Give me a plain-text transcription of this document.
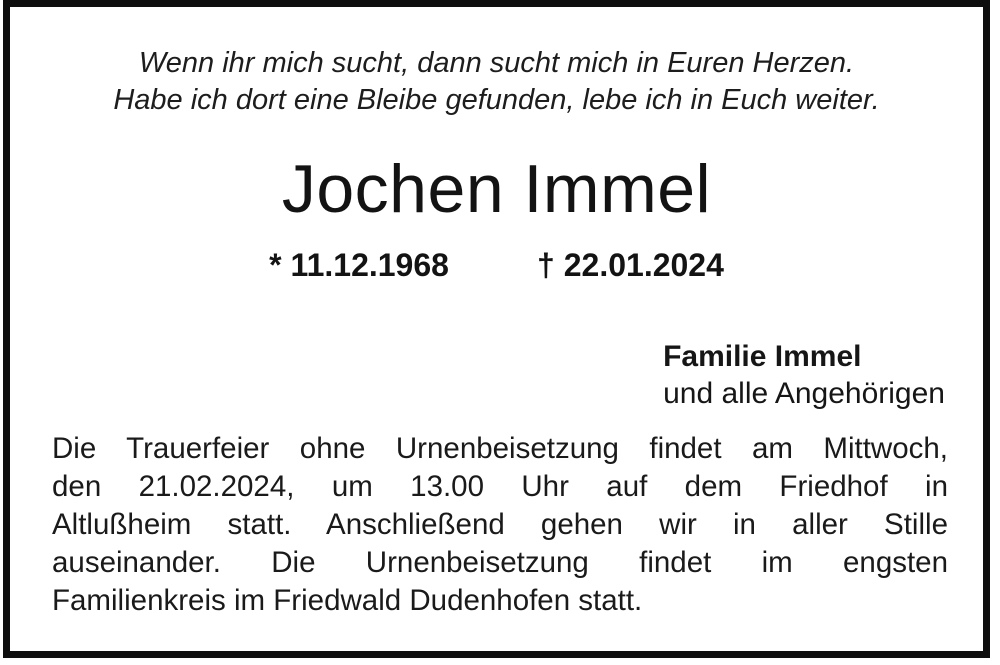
Wenn ihr mich sucht, dann sucht mich in Euren Herzen.
Habe ich dort eine Bleibe gefunden, lebe ich in Euch weiter.
Jochen Immel
* 11.12.1968	† 22.01.2024
Familie Immel
und alle Angehörigen
Die Trauerfeier ohne Urnenbeisetzung findet am Mittwoch,
den 21.02.2024, um 13.00 Uhr auf dem Friedhof in
Altlußheim statt. Anschließend gehen wir in aller Stille
auseinander. Die Urnenbeisetzung findet im engsten
Familienkreis im Friedwald Dudenhofen statt.
